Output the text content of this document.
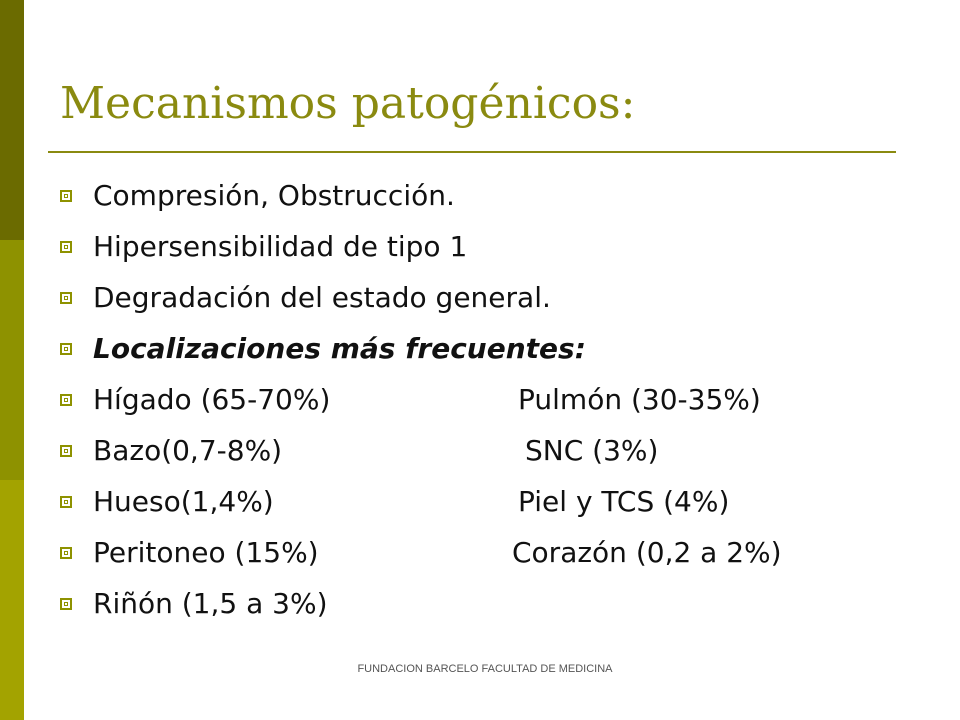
Mecanismos patogénicos:
Compresión, Obstrucción.
Hipersensibilidad de tipo 1
Degradación del estado general.
Localizaciones más frecuentes:
Hígado (65-70%)	Pulmón (30-35%)
Bazo(0,7-8%)	SNC (3%)
Hueso(1,4%)	Piel y TCS (4%)
Peritoneo (15%)	Corazón (0,2 a 2%)
Riñón (1,5 a 3%)
FUNDACION BARCELO FACULTAD DE MEDICINA
